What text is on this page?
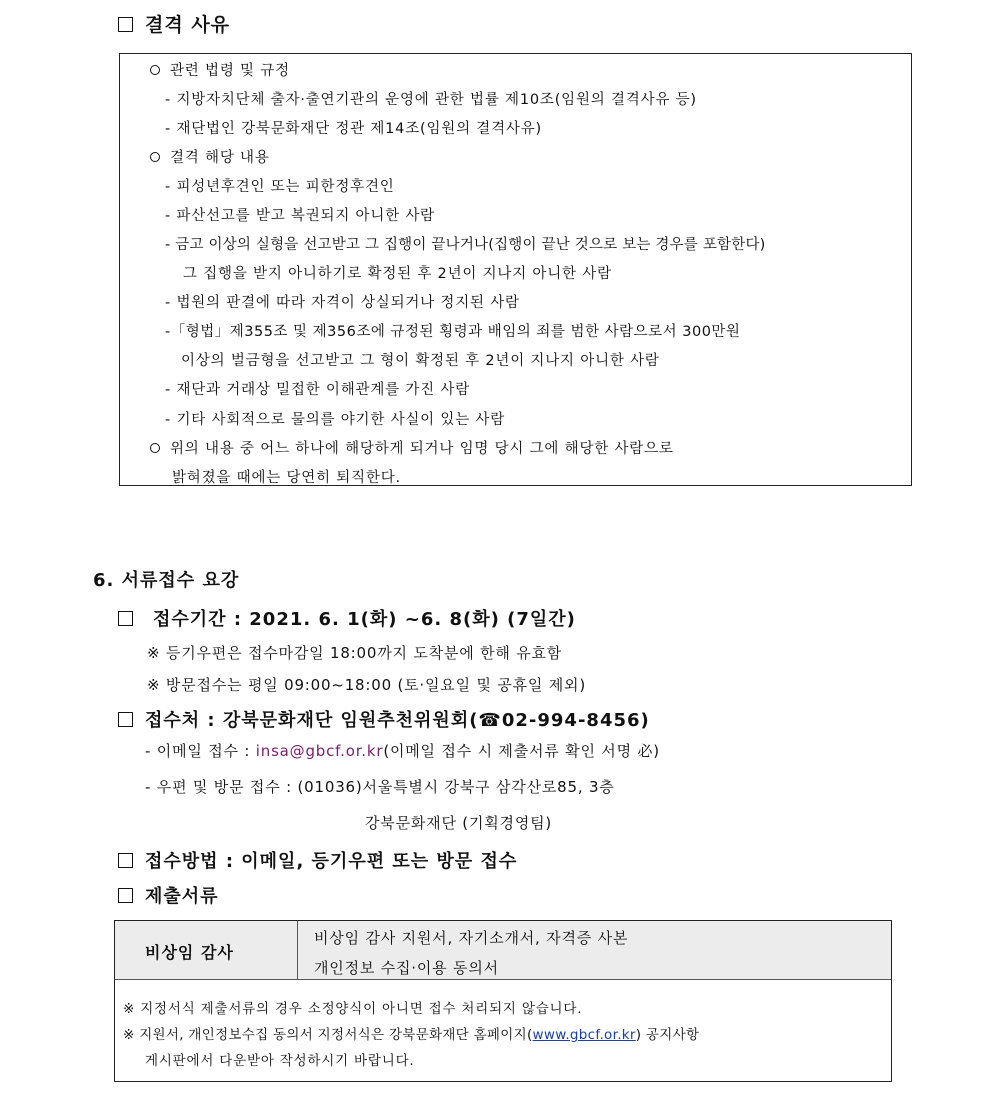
결격 사유
관련 법령 및 규정
- 지방자치단체 출자·출연기관의 운영에 관한 법률 제10조(임원의 결격사유 등)
- 재단법인 강북문화재단 정관 제14조(임원의 결격사유)
결격 해당 내용
- 피성년후견인 또는 피한정후견인
- 파산선고를 받고 복권되지 아니한 사람
- 금고 이상의 실형을 선고받고 그 집행이 끝나거나(집행이 끝난 것으로 보는 경우를 포함한다)
그 집행을 받지 아니하기로 확정된 후 2년이 지나지 아니한 사람
- 법원의 판결에 따라 자격이 상실되거나 정지된 사람
-「형법」제355조 및 제356조에 규정된 횡령과 배임의 죄를 범한 사람으로서 300만원
이상의 벌금형을 선고받고 그 형이 확정된 후 2년이 지나지 아니한 사람
- 재단과 거래상 밀접한 이해관계를 가진 사람
- 기타 사회적으로 물의를 야기한 사실이 있는 사람
위의 내용 중 어느 하나에 해당하게 되거나 임명 당시 그에 해당한 사람으로
밝혀졌을 때에는 당연히 퇴직한다.
6. 서류접수 요강
접수기간 : 2021. 6. 1(화) ~6. 8(화) (7일간)
※ 등기우편은 접수마감일 18:00까지 도착분에 한해 유효함
※ 방문접수는 평일 09:00~18:00 (토·일요일 및 공휴일 제외)
접수처 : 강북문화재단 임원추천위원회(☎02-994-8456)
- 이메일 접수 : insa@gbcf.or.kr(이메일 접수 시 제출서류 확인 서명 必)
- 우편 및 방문 접수 : (01036)서울특별시 강북구 삼각산로85, 3층
강북문화재단 (기획경영팀)
접수방법 : 이메일, 등기우편 또는 방문 접수
제출서류
비상임 감사
비상임 감사 지원서, 자기소개서, 자격증 사본
개인정보 수집·이용 동의서
※ 지정서식 제출서류의 경우 소정양식이 아니면 접수 처리되지 않습니다.
※ 지원서, 개인정보수집 동의서 지정서식은 강북문화재단 홈페이지(www.gbcf.or.kr) 공지사항
게시판에서 다운받아 작성하시기 바랍니다.
